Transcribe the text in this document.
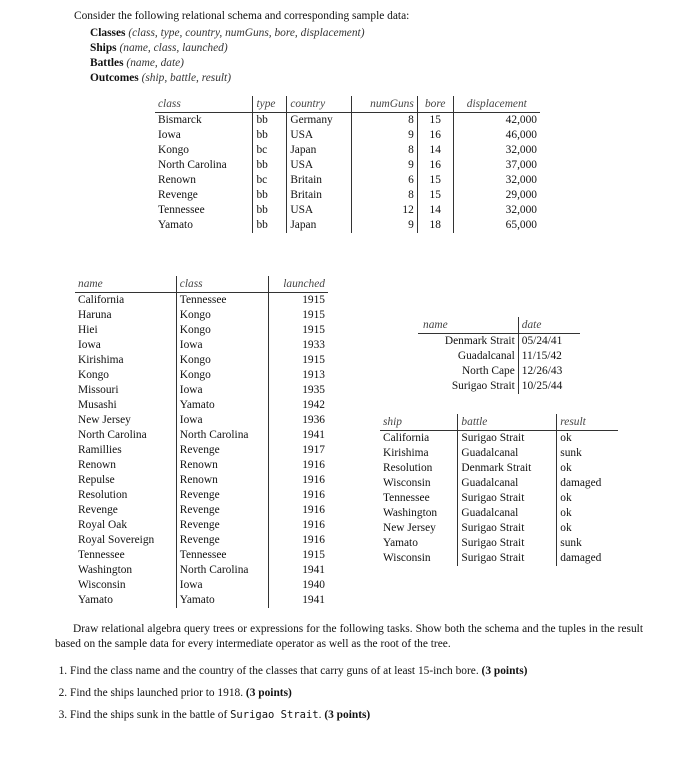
Consider the following relational schema and corresponding sample data:
Classes (class, type, country, numGuns, bore, displacement)
Ships (name, class, launched)
Battles (name, date)
Outcomes (ship, battle, result)
class	type	country	numGuns	bore	displacement
Bismarck	bb	Germany	8	15	42,000
Iowa	bb	USA	9	16	46,000
Kongo	bc	Japan	8	14	32,000
North Carolina	bb	USA	9	16	37,000
Renown	bc	Britain	6	15	32,000
Revenge	bb	Britain	8	15	29,000
Tennessee	bb	USA	12	14	32,000
Yamato	bb	Japan	9	18	65,000
name	class	launched
California	Tennessee	1915
Haruna	Kongo	1915
Hiei	Kongo	1915
Iowa	Iowa	1933
Kirishima	Kongo	1915
Kongo	Kongo	1913
Missouri	Iowa	1935
Musashi	Yamato	1942
New Jersey	Iowa	1936
North Carolina	North Carolina	1941
Ramillies	Revenge	1917
Renown	Renown	1916
Repulse	Renown	1916
Resolution	Revenge	1916
Revenge	Revenge	1916
Royal Oak	Revenge	1916
Royal Sovereign	Revenge	1916
Tennessee	Tennessee	1915
Washington	North Carolina	1941
Wisconsin	Iowa	1940
Yamato	Yamato	1941
name	date
Denmark Strait	05/24/41
Guadalcanal	11/15/42
North Cape	12/26/43
Surigao Strait	10/25/44
ship	battle	result
California	Surigao Strait	ok
Kirishima	Guadalcanal	sunk
Resolution	Denmark Strait	ok
Wisconsin	Guadalcanal	damaged
Tennessee	Surigao Strait	ok
Washington	Guadalcanal	ok
New Jersey	Surigao Strait	ok
Yamato	Surigao Strait	sunk
Wisconsin	Surigao Strait	damaged
Draw relational algebra query trees or expressions for the following tasks. Show both the schema and the tuples in the result based on the sample data for every intermediate operator as well as the root of the tree.
1. Find the class name and the country of the classes that carry guns of at least 15-inch bore. (3 points)
2. Find the ships launched prior to 1918. (3 points)
3. Find the ships sunk in the battle of Surigao Strait. (3 points)
